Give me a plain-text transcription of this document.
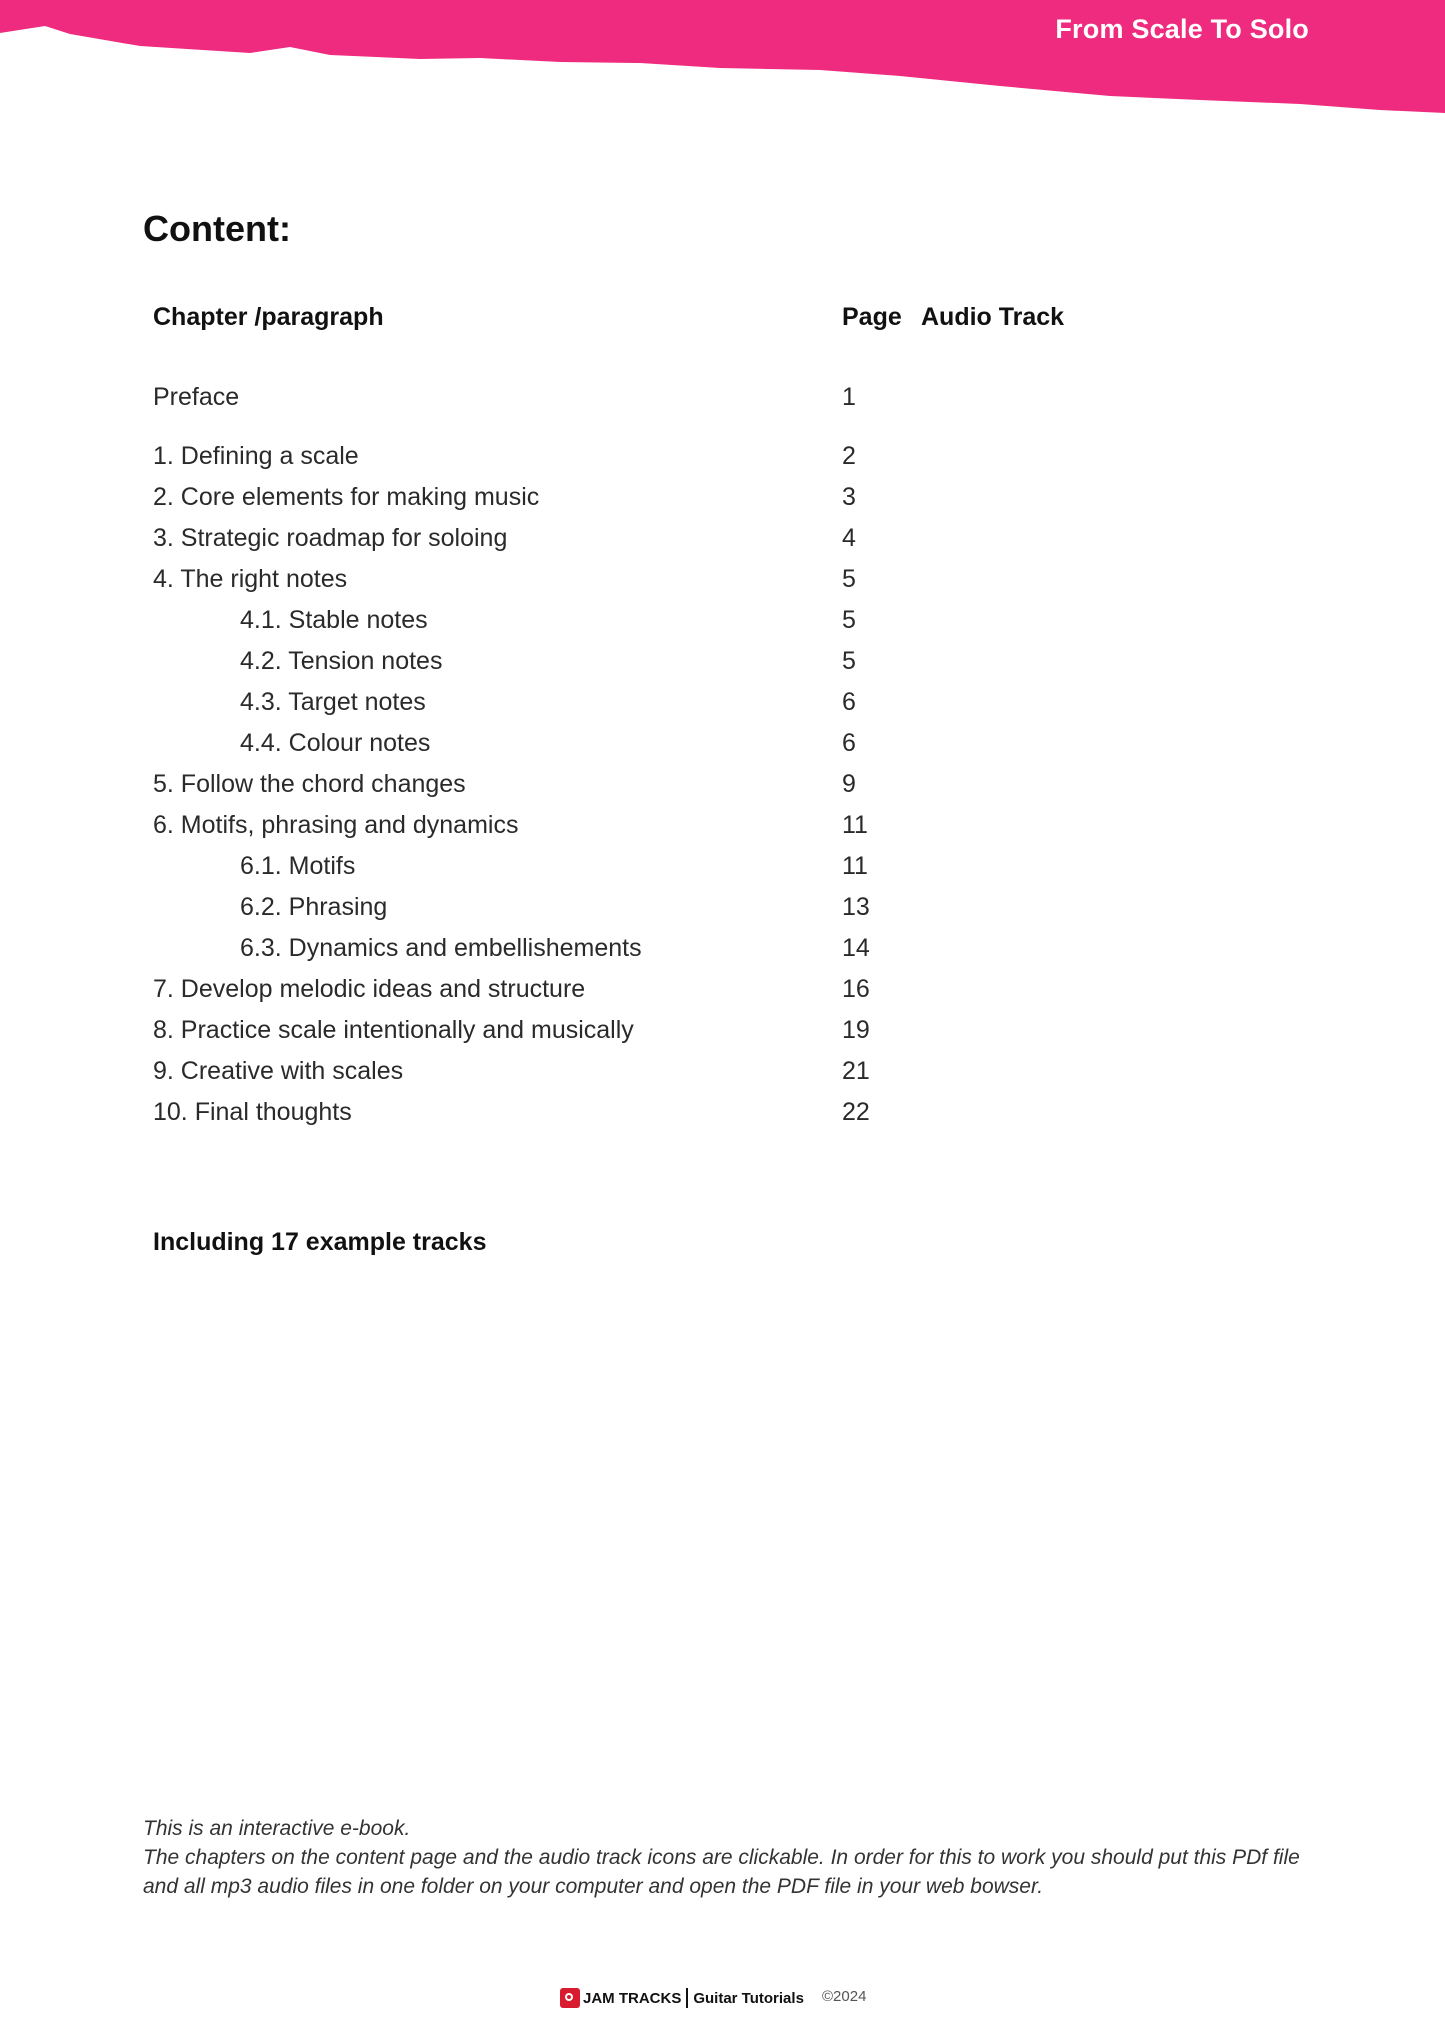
From Scale To Solo
Content:
Chapter /paragraph	Page Audio Track
Preface	1
1. Defining a scale	2
2. Core elements for making music	3
3. Strategic roadmap for soloing	4
4. The right notes	5
4.1. Stable notes	5
4.2. Tension notes	5
4.3. Target notes	6
4.4. Colour notes	6
5. Follow the chord changes	9
6. Motifs, phrasing and dynamics	11
6.1. Motifs	11
6.2. Phrasing	13
6.3. Dynamics and embellishements	14
7. Develop melodic ideas and structure	16
8. Practice scale intentionally and musically	19
9. Creative with scales	21
10. Final thoughts	22
Including 17 example tracks

This is an interactive e-book.

The chapters on the content page and the audio track icons are clickable. In order for this to work you should put this PDf file and all mp3 audio files in one folder on your computer and open the PDF file in your web bowser.

JAM TRACKS Guitar Tutorials ©2024
